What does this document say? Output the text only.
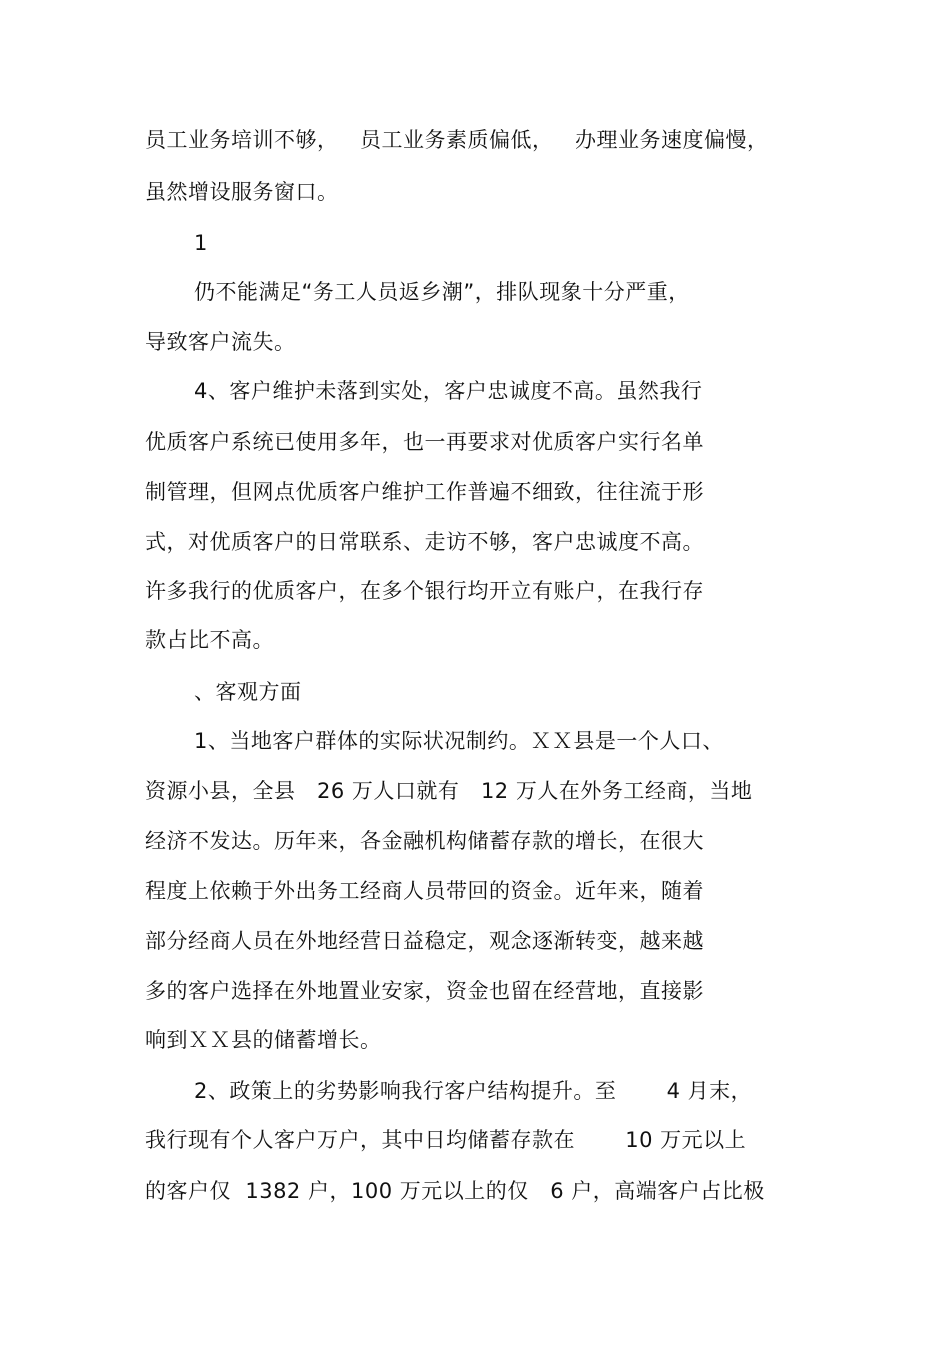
员工业务培训不够，   员工业务素质偏低，   办理业务速度偏慢，
虽然增设服务窗口。
1
仍不能满足“务工人员返乡潮”，排队现象十分严重，
导致客户流失。
4、客户维护未落到实处，客户忠诚度不高。虽然我行
优质客户系统已使用多年，也一再要求对优质客户实行名单
制管理，但网点优质客户维护工作普遍不细致，往往流于形
式，对优质客户的日常联系、走访不够，客户忠诚度不高。
许多我行的优质客户，在多个银行均开立有账户，在我行存
款占比不高。
、客观方面
1、当地客户群体的实际状况制约。ＸＸ县是一个人口、
资源小县，全县   26 万人口就有   12 万人在外务工经商，当地
经济不发达。历年来，各金融机构储蓄存款的增长，在很大
程度上依赖于外出务工经商人员带回的资金。近年来，随着
部分经商人员在外地经营日益稳定，观念逐渐转变，越来越
多的客户选择在外地置业安家，资金也留在经营地，直接影
响到ＸＸ县的储蓄增长。
2、政策上的劣势影响我行客户结构提升。至       4 月末，
我行现有个人客户万户，其中日均储蓄存款在       10 万元以上
的客户仅  1382 户，100 万元以上的仅   6 户，高端客户占比极
